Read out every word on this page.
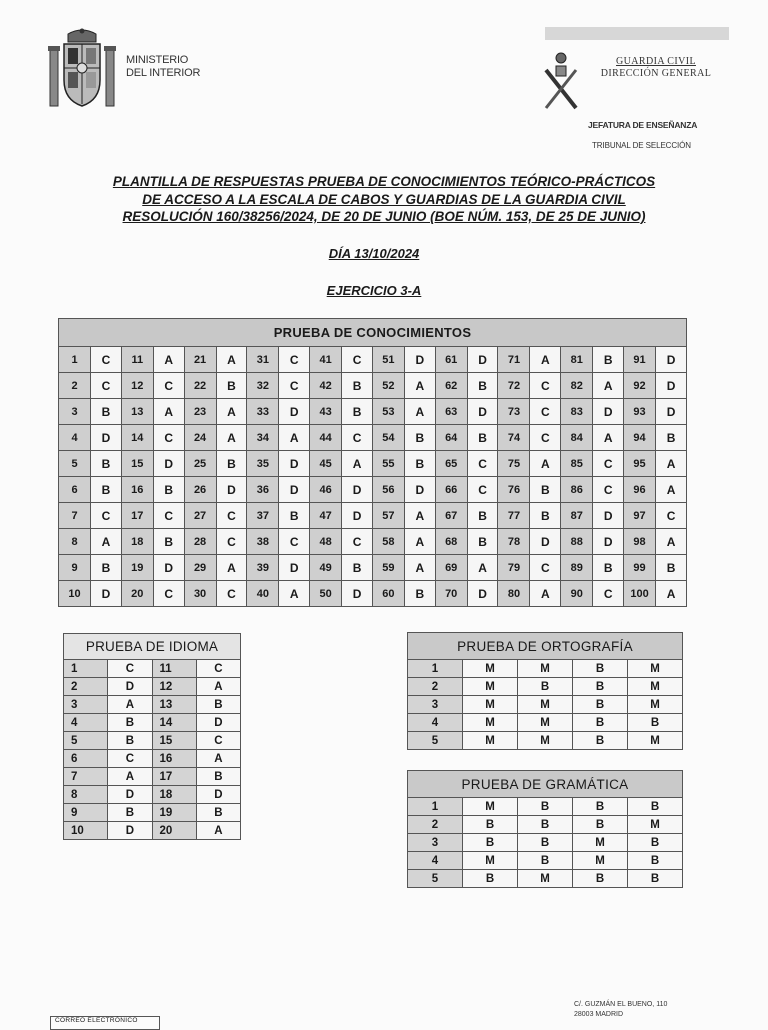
MINISTERIO
DEL INTERIOR
GUARDIA CIVIL
DIRECCIÓN GENERAL
JEFATURA DE ENSEÑANZA
TRIBUNAL DE SELECCIÓN
PLANTILLA DE RESPUESTAS PRUEBA DE CONOCIMIENTOS TEÓRICO-PRÁCTICOS
DE ACCESO A LA ESCALA DE CABOS Y GUARDIAS DE LA GUARDIA CIVIL
RESOLUCIÓN 160/38256/2024, DE 20 DE JUNIO (BOE NÚM. 153, DE 25 DE JUNIO)
DÍA 13/10/2024
EJERCICIO 3-A
PRUEBA DE CONOCIMIENTOS																			
1	C	11	A	21	A	31	C	41	C	51	D	61	D	71	A	81	B	91	D
2	C	12	C	22	B	32	C	42	B	52	A	62	B	72	C	82	A	92	D
3	B	13	A	23	A	33	D	43	B	53	A	63	D	73	C	83	D	93	D
4	D	14	C	24	A	34	A	44	C	54	B	64	B	74	C	84	A	94	B
5	B	15	D	25	B	35	D	45	A	55	B	65	C	75	A	85	C	95	A
6	B	16	B	26	D	36	D	46	D	56	D	66	C	76	B	86	C	96	A
7	C	17	C	27	C	37	B	47	D	57	A	67	B	77	B	87	D	97	C
8	A	18	B	28	C	38	C	48	C	58	A	68	B	78	D	88	D	98	A
9	B	19	D	29	A	39	D	49	B	59	A	69	A	79	C	89	B	99	B
10	D	20	C	30	C	40	A	50	D	60	B	70	D	80	A	90	C	100	A
PRUEBA DE IDIOMA			
1	C	11	C
2	D	12	A
3	A	13	B
4	B	14	D
5	B	15	C
6	C	16	A
7	A	17	B
8	D	18	D
9	B	19	B
10	D	20	A
PRUEBA DE ORTOGRAFÍA				
1	M	M	B	M
2	M	B	B	M
3	M	M	B	M
4	M	M	B	B
5	M	M	B	M
PRUEBA DE GRAMÁTICA				
1	M	B	B	B
2	B	B	B	M
3	B	B	M	B
4	M	B	M	B
5	B	M	B	B
CORREO ELECTRÓNICO
C/. GUZMÁN EL BUENO, 110
28003 MADRID
